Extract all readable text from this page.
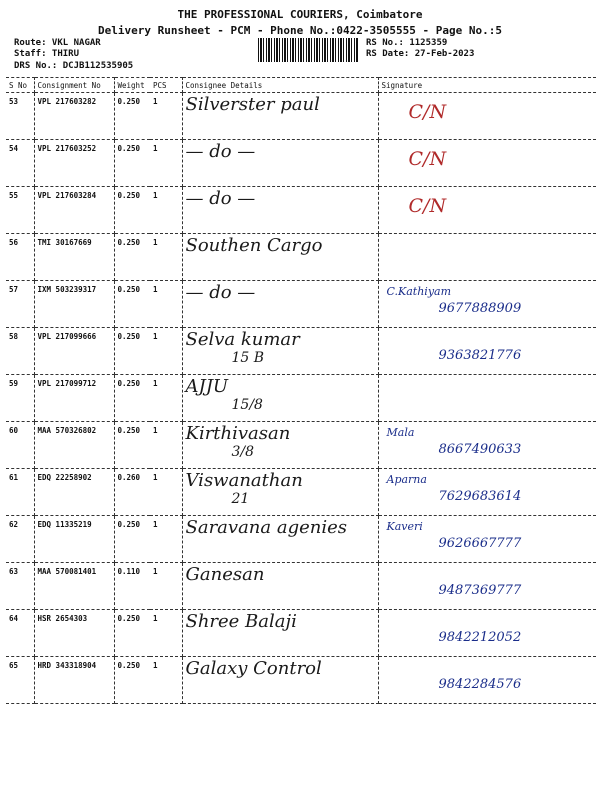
THE PROFESSIONAL COURIERS, Coimbatore
Delivery Runsheet - PCM - Phone No.:0422-3505555 - Page No.:5
Route: VKL NAGAR
Staff: THIRU
DRS No.: DCJB112535905
RS No.: 1125359
RS Date: 27-Feb-2023
S No	Consignment No	Weight	PCS	Consignee Details	Signature
53	VPL 217603282	0.250	1	Silverster paul	C/N

54	VPL 217603252	0.250	1	— do —	C/N

55	VPL 217603284	0.250	1	— do —	C/N

56	TMI 30167669	0.250	1	Southen Cargo

57	IXM 503239317	0.250	1	— do —	C.Kathiyam
9677888909

58	VPL 217099666	0.250	1	Selva kumar
15 B	9363821776

59	VPL 217099712	0.250	1	AJJU
15/8	

60	MAA 570326802	0.250	1	Kirthivasan
3/8	Mala
8667490633

61	EDQ 22258902	0.260	1	Viswanathan
21	Aparna
7629683614

62	EDQ 11335219	0.250	1	Saravana agenies	Kaveri
9626667777

63	MAA 570081401	0.110	1	Ganesan	9487369777

64	HSR 2654303	0.250	1	Shree Balaji	9842212052

65	HRD 343318904	0.250	1	Galaxy Control	9842284576
